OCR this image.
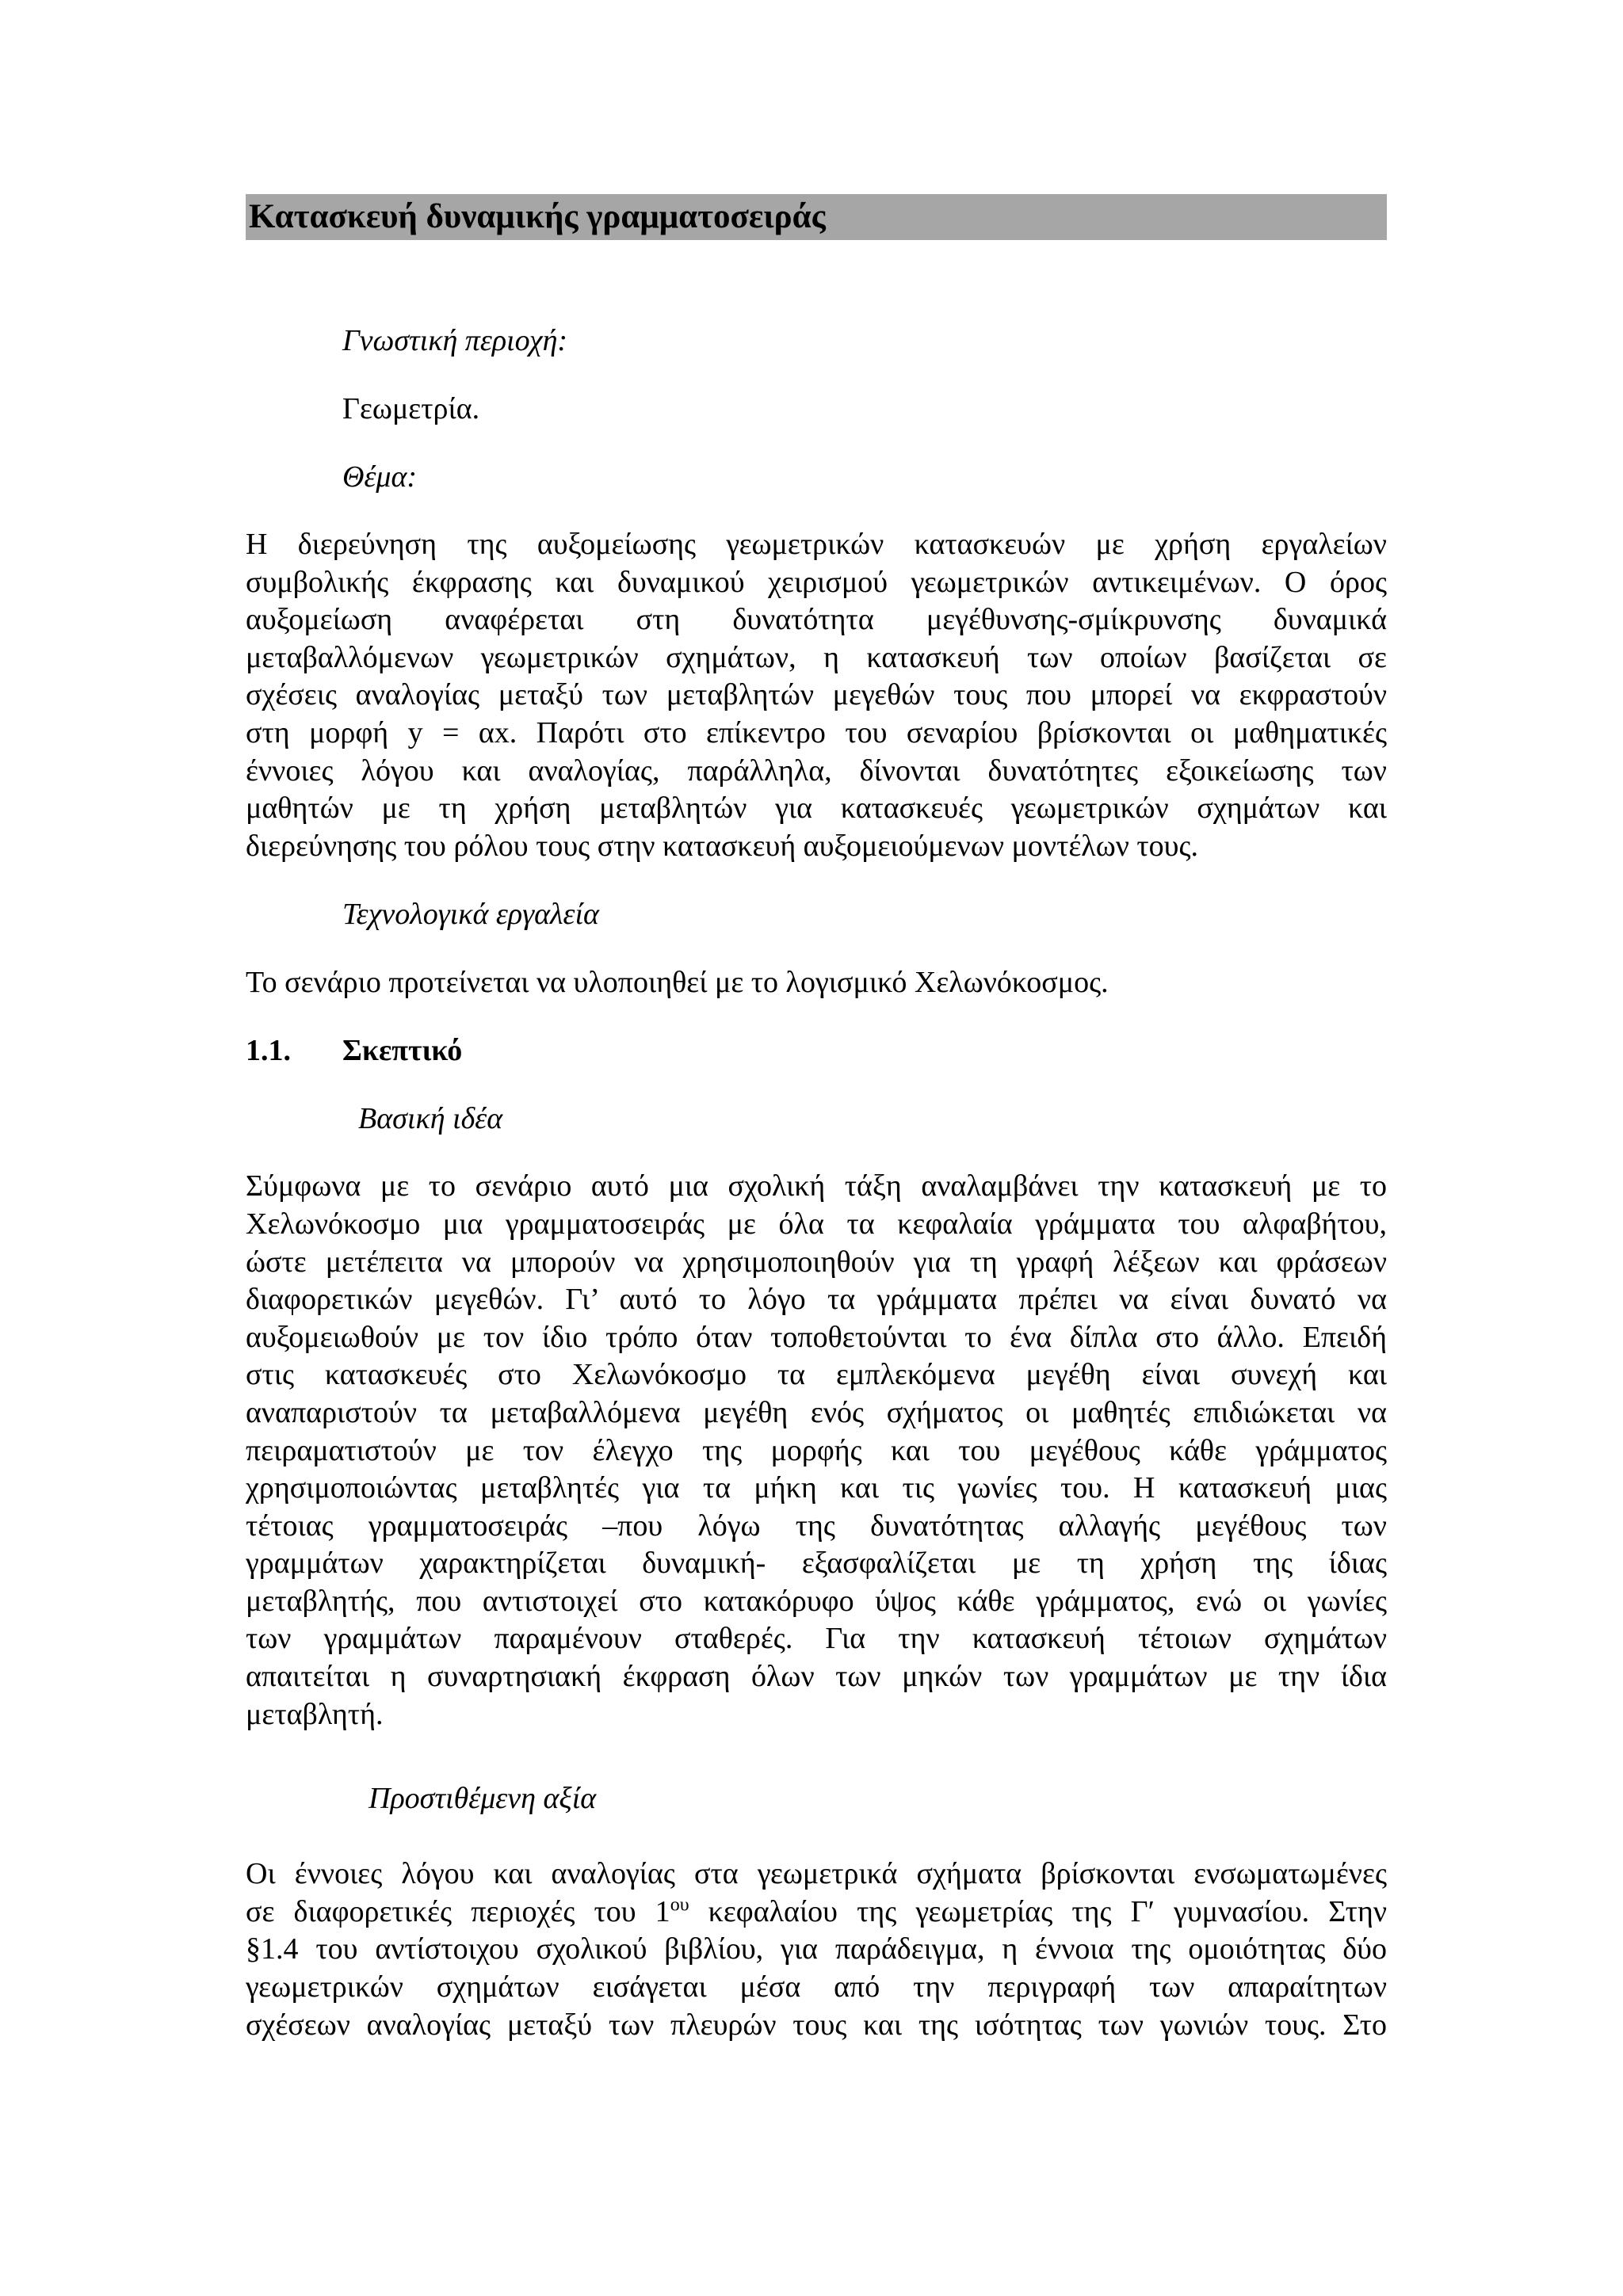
Κατασκευή δυναμικής γραμματοσειράς

Γνωστική περιοχή:

Γεωμετρία.

Θέμα:

Η διερεύνηση της αυξομείωσης γεωμετρικών κατασκευών με χρήση εργαλείων
συμβολικής έκφρασης και δυναμικού χειρισμού γεωμετρικών αντικειμένων. Ο όρος
αυξομείωση αναφέρεται στη δυνατότητα μεγέθυνσης-σμίκρυνσης δυναμικά
μεταβαλλόμενων γεωμετρικών σχημάτων, η κατασκευή των οποίων βασίζεται σε
σχέσεις αναλογίας μεταξύ των μεταβλητών μεγεθών τους που μπορεί να εκφραστούν
στη μορφή y = αx. Παρότι στο επίκεντρο του σεναρίου βρίσκονται οι μαθηματικές
έννοιες λόγου και αναλογίας, παράλληλα, δίνονται δυνατότητες εξοικείωσης των
μαθητών με τη χρήση μεταβλητών για κατασκευές γεωμετρικών σχημάτων και
διερεύνησης του ρόλου τους στην κατασκευή αυξομειούμενων μοντέλων τους.

Τεχνολογικά εργαλεία

Το σενάριο προτείνεται να υλοποιηθεί με το λογισμικό Χελωνόκοσμος.

1.1. Σκεπτικό

Βασική ιδέα

Σύμφωνα με το σενάριο αυτό μια σχολική τάξη αναλαμβάνει την κατασκευή με το
Χελωνόκοσμο μια γραμματοσειράς με όλα τα κεφαλαία γράμματα του αλφαβήτου,
ώστε μετέπειτα να μπορούν να χρησιμοποιηθούν για τη γραφή λέξεων και φράσεων
διαφορετικών μεγεθών. Γι’ αυτό το λόγο τα γράμματα πρέπει να είναι δυνατό να
αυξομειωθούν με τον ίδιο τρόπο όταν τοποθετούνται το ένα δίπλα στο άλλο. Επειδή
στις κατασκευές στο Χελωνόκοσμο τα εμπλεκόμενα μεγέθη είναι συνεχή και
αναπαριστούν τα μεταβαλλόμενα μεγέθη ενός σχήματος οι μαθητές επιδιώκεται να
πειραματιστούν με τον έλεγχο της μορφής και του μεγέθους κάθε γράμματος
χρησιμοποιώντας μεταβλητές για τα μήκη και τις γωνίες του. Η κατασκευή μιας
τέτοιας γραμματοσειράς –που λόγω της δυνατότητας αλλαγής μεγέθους των
γραμμάτων χαρακτηρίζεται δυναμική- εξασφαλίζεται με τη χρήση της ίδιας
μεταβλητής, που αντιστοιχεί στο κατακόρυφο ύψος κάθε γράμματος, ενώ οι γωνίες
των γραμμάτων παραμένουν σταθερές. Για την κατασκευή τέτοιων σχημάτων
απαιτείται η συναρτησιακή έκφραση όλων των μηκών των γραμμάτων με την ίδια
μεταβλητή.

Προστιθέμενη αξία

Οι έννοιες λόγου και αναλογίας στα γεωμετρικά σχήματα βρίσκονται ενσωματωμένες
σε διαφορετικές περιοχές του $1^{o\upsilon}$ κεφαλαίου της γεωμετρίας της Γ′ γυμνασίου. Στην
§1.4 του αντίστοιχου σχολικού βιβλίου, για παράδειγμα, η έννοια της ομοιότητας δύο
γεωμετρικών σχημάτων εισάγεται μέσα από την περιγραφή των απαραίτητων
σχέσεων αναλογίας μεταξύ των πλευρών τους και της ισότητας των γωνιών τους. Στο
